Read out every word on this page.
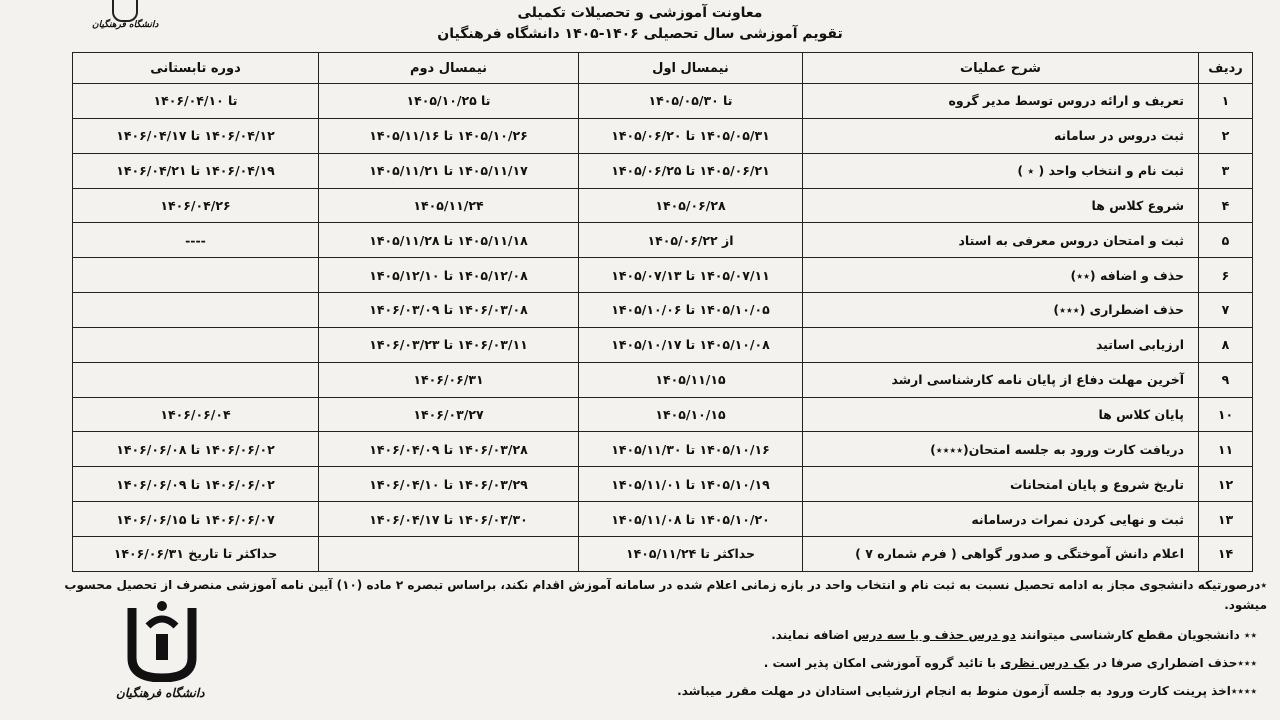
معاونت آموزشی و تحصیلات تکمیلی
تقویم آموزشی سال تحصیلی ۱۴۰۶-۱۴۰۵ دانشگاه فرهنگیان
دانشگاه فرهنگیان
ردیف	شرح عملیات	نیمسال اول	نیمسال دوم	دوره تابستانی
۱	تعریف و ارائه دروس توسط مدیر گروه	تا ۱۴۰۵/۰۵/۳۰	تا ۱۴۰۵/۱۰/۲۵	تا ۱۴۰۶/۰۴/۱۰
۲	ثبت دروس در سامانه	۱۴۰۵/۰۵/۳۱ تا ۱۴۰۵/۰۶/۲۰	۱۴۰۵/۱۰/۲۶ تا ۱۴۰۵/۱۱/۱۶	۱۴۰۶/۰۴/۱۲ تا ۱۴۰۶/۰۴/۱۷
۳	ثبت نام و انتخاب واحد ( ٭ )	۱۴۰۵/۰۶/۲۱ تا ۱۴۰۵/۰۶/۲۵	۱۴۰۵/۱۱/۱۷ تا ۱۴۰۵/۱۱/۲۱	۱۴۰۶/۰۴/۱۹ تا ۱۴۰۶/۰۴/۲۱
۴	شروع کلاس ها	۱۴۰۵/۰۶/۲۸	۱۴۰۵/۱۱/۲۴	۱۴۰۶/۰۴/۲۶
۵	ثبت و امتحان دروس معرفی به استاد	از ۱۴۰۵/۰۶/۲۲	۱۴۰۵/۱۱/۱۸ تا ۱۴۰۵/۱۱/۲۸	----
۶	حذف و اضافه (٭٭)	۱۴۰۵/۰۷/۱۱ تا ۱۴۰۵/۰۷/۱۳	۱۴۰۵/۱۲/۰۸ تا ۱۴۰۵/۱۲/۱۰	
۷	حذف اضطراری (٭٭٭)	۱۴۰۵/۱۰/۰۵ تا ۱۴۰۵/۱۰/۰۶	۱۴۰۶/۰۳/۰۸ تا ۱۴۰۶/۰۳/۰۹	
۸	ارزیابی اساتید	۱۴۰۵/۱۰/۰۸ تا ۱۴۰۵/۱۰/۱۷	۱۴۰۶/۰۳/۱۱ تا ۱۴۰۶/۰۳/۲۳	
۹	آخرین مهلت دفاع از پایان نامه کارشناسی ارشد	۱۴۰۵/۱۱/۱۵	۱۴۰۶/۰۶/۳۱	
۱۰	پایان کلاس ها	۱۴۰۵/۱۰/۱۵	۱۴۰۶/۰۳/۲۷	۱۴۰۶/۰۶/۰۴
۱۱	دریافت کارت ورود به جلسه امتحان(٭٭٭٭)	۱۴۰۵/۱۰/۱۶ تا ۱۴۰۵/۱۱/۳۰	۱۴۰۶/۰۳/۲۸ تا ۱۴۰۶/۰۴/۰۹	۱۴۰۶/۰۶/۰۲ تا ۱۴۰۶/۰۶/۰۸
۱۲	تاریخ شروع و پایان امتحانات	۱۴۰۵/۱۰/۱۹ تا ۱۴۰۵/۱۱/۰۱	۱۴۰۶/۰۳/۲۹ تا ۱۴۰۶/۰۴/۱۰	۱۴۰۶/۰۶/۰۲ تا ۱۴۰۶/۰۶/۰۹
۱۳	ثبت و نهایی کردن نمرات درسامانه	۱۴۰۵/۱۰/۲۰ تا ۱۴۰۵/۱۱/۰۸	۱۴۰۶/۰۳/۳۰ تا ۱۴۰۶/۰۴/۱۷	۱۴۰۶/۰۶/۰۷ تا ۱۴۰۶/۰۶/۱۵
۱۴	اعلام دانش آموختگی و صدور گواهی ( فرم شماره ۷ )	حداکثر تا ۱۴۰۵/۱۱/۲۴		حداکثر تا تاریخ ۱۴۰۶/۰۶/۳۱
٭درصورتیکه دانشجوی مجاز به ادامه تحصیل نسبت به ثبت نام و انتخاب واحد در بازه زمانی اعلام شده در سامانه آموزش اقدام نکند، براساس تبصره ۲ ماده (۱۰) آیین نامه آموزشی منصرف از تحصیل محسوب
میشود.
٭٭ دانشجویان مقطع کارشناسی میتوانند دو درس حذف و یا سه درس اضافه نمایند.
٭٭٭حذف اضطراری صرفا در یک درس نظری با تائید گروه آموزشی امکان پذیر است .
٭٭٭٭اخذ پرینت کارت ورود به جلسه آزمون منوط به انجام ارزشیابی استادان در مهلت مقرر میباشد.
دانشگاه فرهنگیان
